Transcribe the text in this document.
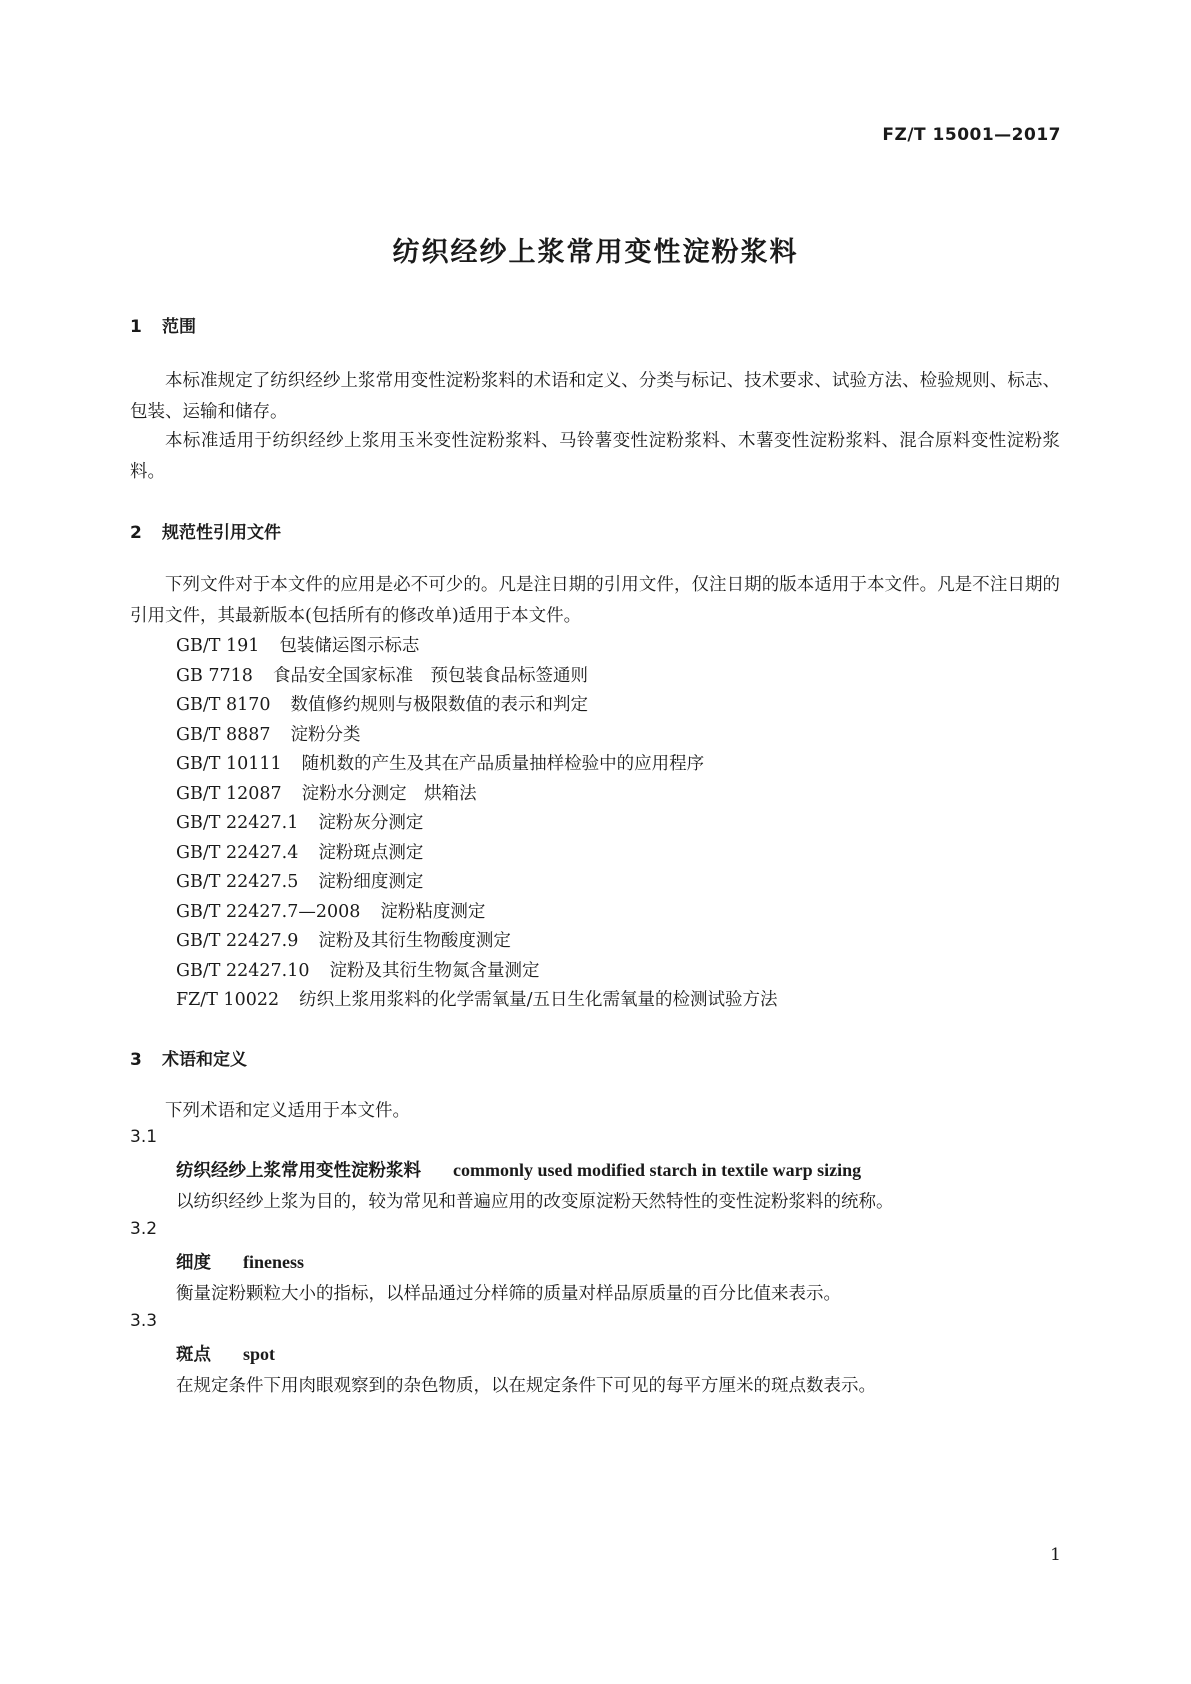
FZ/T 15001—2017
纺织经纱上浆常用变性淀粉浆料
1 范围
本标准规定了纺织经纱上浆常用变性淀粉浆料的术语和定义、分类与标记、技术要求、试验方法、检验规则、标志、包装、运输和储存。
本标准适用于纺织经纱上浆用玉米变性淀粉浆料、马铃薯变性淀粉浆料、木薯变性淀粉浆料、混合原料变性淀粉浆料。
2 规范性引用文件
下列文件对于本文件的应用是必不可少的。凡是注日期的引用文件，仅注日期的版本适用于本文件。凡是不注日期的引用文件，其最新版本(包括所有的修改单)适用于本文件。
GB/T 191 包装储运图示标志
GB 7718 食品安全国家标准　预包装食品标签通则
GB/T 8170 数值修约规则与极限数值的表示和判定
GB/T 8887 淀粉分类
GB/T 10111 随机数的产生及其在产品质量抽样检验中的应用程序
GB/T 12087 淀粉水分测定　烘箱法
GB/T 22427.1 淀粉灰分测定
GB/T 22427.4 淀粉斑点测定
GB/T 22427.5 淀粉细度测定
GB/T 22427.7—2008 淀粉粘度测定
GB/T 22427.9 淀粉及其衍生物酸度测定
GB/T 22427.10 淀粉及其衍生物氮含量测定
FZ/T 10022 纺织上浆用浆料的化学需氧量/五日生化需氧量的检测试验方法
3 术语和定义
下列术语和定义适用于本文件。
3.1
纺织经纱上浆常用变性淀粉浆料 commonly used modified starch in textile warp sizing
以纺织经纱上浆为目的，较为常见和普遍应用的改变原淀粉天然特性的变性淀粉浆料的统称。
3.2
细度 fineness
衡量淀粉颗粒大小的指标，以样品通过分样筛的质量对样品原质量的百分比值来表示。
3.3
斑点 spot
在规定条件下用肉眼观察到的杂色物质，以在规定条件下可见的每平方厘米的斑点数表示。
1
